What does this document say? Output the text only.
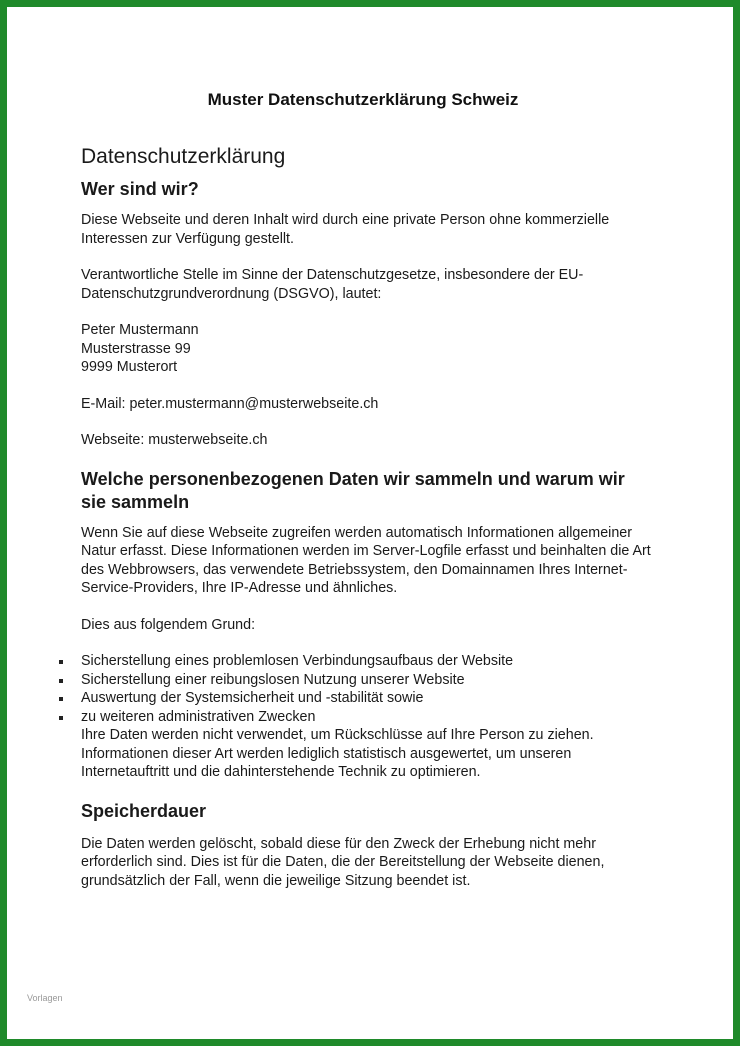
Muster Datenschutzerklärung Schweiz
Datenschutzerklärung
Wer sind wir?

Diese Webseite und deren Inhalt wird durch eine private Person ohne kommerzielle Interessen zur Verfügung gestellt.

Verantwortliche Stelle im Sinne der Datenschutzgesetze, insbesondere der EU-Datenschutzgrundverordnung (DSGVO), lautet:

Peter Mustermann
Musterstrasse 99
9999 Musterort

E-Mail: peter.mustermann@musterwebseite.ch

Webseite: musterwebseite.ch

Welche personenbezogenen Daten wir sammeln und warum wir sie sammeln

Wenn Sie auf diese Webseite zugreifen werden automatisch Informationen allgemeiner Natur erfasst. Diese Informationen werden im Server-Logfile erfasst und beinhalten die Art des Webbrowsers, das verwendete Betriebssystem, den Domainnamen Ihres Internet-Service-Providers, Ihre IP-Adresse und ähnliches.

Dies aus folgendem Grund:

Sicherstellung eines problemlosen Verbindungsaufbaus der Website
Sicherstellung einer reibungslosen Nutzung unserer Website
Auswertung der Systemsicherheit und -stabilität sowie
zu weiteren administrativen Zwecken

Ihre Daten werden nicht verwendet, um Rückschlüsse auf Ihre Person zu ziehen. Informationen dieser Art werden lediglich statistisch ausgewertet, um unseren Internetauftritt und die dahinterstehende Technik zu optimieren.

Speicherdauer

Die Daten werden gelöscht, sobald diese für den Zweck der Erhebung nicht mehr erforderlich sind. Dies ist für die Daten, die der Bereitstellung der Webseite dienen, grundsätzlich der Fall, wenn die jeweilige Sitzung beendet ist.

Vorlagen
